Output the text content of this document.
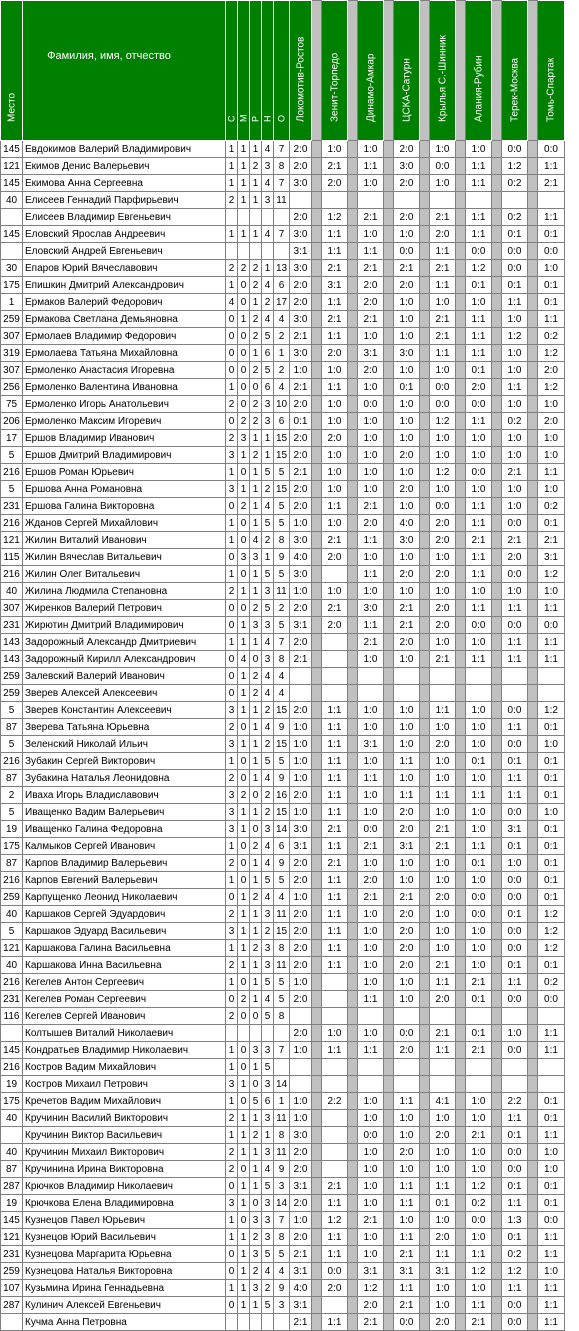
Место	Фамилия, имя, отчество	С	М	Р	Н	О	Локомотив-Ростов		Зенит-Торпедо		Динамо-Амкар		ЦСКА-Сатурн		Крылья С.-Шинник		Алания-Рубин		Терек-Москва		Томь-Спартак

145	Евдокимов Валерий Владимирович	1	1	1	4	7	2:0		1:0		1:0		2:0		1:0		1:0		0:0		0:0
121	Екимов Денис Валерьевич	1	1	2	3	8	2:0		2:1		1:1		3:0		0:0		1:1		1:2		1:1
145	Екимова Анна Сергеевна	1	1	1	4	7	3:0		2:0		1:0		2:0		1:0		1:1		0:2		2:1
40	Елисеев Геннадий Парфирьевич	2	1	1	3	11															
	Елисеев Владимир Евгеньевич						2:0		1:2		2:1		2:0		2:1		1:1		0:2		1:1
145	Еловский Ярослав Андреевич	1	1	1	4	7	3:0		1:1		1:0		1:0		2:0		1:1		0:1		0:1
	Еловский Андрей Евгеньевич						3:1		1:1		1:1		0:0		1:1		0:0		0:0		0:0
30	Епаров Юрий Вячеславович	2	2	2	1	13	3:0		2:1		2:1		2:1		2:1		1:2		0:0		1:0
175	Епишкин Дмитрий Александрович	1	0	2	4	6	2:0		3:1		2:0		2:0		1:1		0:1		0:1		0:1
1	Ермаков Валерий Федорович	4	0	1	2	17	2:0		1:1		2:0		1:0		1:0		1:0		1:1		0:1
259	Ермакова Светлана Демьяновна	0	1	2	4	4	3:0		2:1		2:1		1:0		2:1		1:1		1:0		1:1
307	Ермолаев Владимир Федорович	0	0	2	5	2	2:1		1:1		1:0		1:0		2:1		1:1		1:2		0:2
319	Ермолаева Татьяна Михайловна	0	0	1	6	1	3:0		2:0		3:1		3:0		1:1		1:1		1:0		1:2
307	Ермоленко Анастасия Игоревна	0	0	2	5	2	1:0		1:0		2:0		1:0		1:0		0:1		1:0		2:0
256	Ермоленко Валентина Ивановна	1	0	0	6	4	2:1		1:1		1:0		0:1		0:0		2:0		1:1		1:2
75	Ермоленко Игорь Анатольевич	2	0	2	3	10	2:0		1:0		0:0		1:0		0:0		0:0		1:0		1:0
206	Ермоленко Максим Игоревич	0	2	2	3	6	0:1		1:0		1:0		1:0		1:2		1:1		0:2		2:0
17	Ершов Владимир Иванович	2	3	1	1	15	2:0		2:0		1:0		1:0		1:0		1:0		1:0		1:0
5	Ершов Дмитрий Владимирович	3	1	2	1	15	2:0		1:0		1:0		2:0		1:0		1:0		1:0		1:0
216	Ершов Роман Юрьевич	1	0	1	5	5	2:1		1:0		1:0		1:0		1:2		0:0		2:1		1:1
5	Ершова Анна Романовна	3	1	1	2	15	2:0		1:0		1:0		2:0		1:0		1:0		1:0		1:0
231	Ершова Галина Викторовна	0	2	1	4	5	2:0		1:1		2:1		1:0		0:0		1:1		1:0		0:2
216	Жданов Сергей Михайлович	1	0	1	5	5	1:0		1:0		2:0		4:0		2:0		1:1		0:0		0:1
121	Жилин Виталий Иванович	1	0	4	2	8	3:0		2:1		1:1		3:0		2:0		2:1		2:1		2:1
115	Жилин Вячеслав Витальевич	0	3	3	1	9	4:0		2:0		1:0		1:0		1:0		1:1		2:0		3:1
216	Жилин Олег Витальевич	1	0	1	5	5	3:0				1:1		2:0		2:0		1:1		0:0		1:2
40	Жилина Людмила Степановна	2	1	1	3	11	1:0		1:0		1:0		1:0		1:0		1:0		1:0		1:0
307	Жиренков Валерий Петрович	0	0	2	5	2	2:0		2:1		3:0		2:1		2:0		1:1		1:1		1:1
231	Жирютин Дмитрий Владимирович	0	1	3	3	5	3:1		2:0		1:1		2:1		2:0		0:0		0:0		0:0
143	Задорожный Александр Дмитриевич	1	1	1	4	7	2:0				2:1		2:0		1:0		1:0		1:1		1:1
143	Задорожный Кирилл Александрович	0	4	0	3	8	2:1				1:0		1:0		2:1		1:1		1:1		1:1
259	Залевский Валерий Иванович	0	1	2	4	4															
259	Зверев Алексей Алексеевич	0	1	2	4	4															
5	Зверев Константин Алексеевич	3	1	1	2	15	2:0		1:1		1:0		1:0		1:1		1:0		0:0		1:2
87	Зверева Татьяна Юрьевна	2	0	1	4	9	1:0		1:1		1:0		1:0		1:0		1:0		1:1		0:1
5	Зеленский Николай Ильич	3	1	1	2	15	1:0		1:1		3:1		1:0		2:0		1:0		0:0		1:0
216	Зубакин Сергей Викторович	1	0	1	5	5	1:0		1:1		1:0		1:1		1:0		0:1		0:1		0:1
87	Зубакина Наталья Леонидовна	2	0	1	4	9	1:0		1:1		1:1		1:0		1:0		1:0		1:1		0:1
2	Иваха Игорь Владиславович	3	2	0	2	16	2:0		1:1		1:0		1:1		1:1		1:1		1:1		0:1
5	Иващенко Вадим Валерьевич	3	1	1	2	15	1:0		1:1		1:0		2:0		1:0		1:0		0:0		1:0
19	Иващенко Галина Федоровна	3	1	0	3	14	3:0		2:1		0:0		2:0		2:1		1:0		3:1		0:1
175	Калмыков Сергей Иванович	1	0	2	4	6	3:1		1:1		2:1		3:1		2:1		1:1		0:1		0:1
87	Карпов Владимир Валерьевич	2	0	1	4	9	2:0		2:1		1:0		1:0		1:0		0:1		1:0		0:1
216	Карпов Евгений Валерьевич	1	0	1	5	5	2:0		1:1		2:0		1:0		1:0		1:0		0:0		0:1
259	Карпущенко Леонид Николаевич	0	1	2	4	4	1:0		1:1		2:1		2:1		2:0		0:0		0:0		0:1
40	Каршаков Сергей Эдуардович	2	1	1	3	11	2:0		1:1		1:0		2:0		1:0		0:0		0:1		1:2
5	Каршаков Эдуард Васильевич	3	1	1	2	15	2:0		1:1		1:0		2:0		1:0		1:0		0:0		1:2
121	Каршакова Галина Васильевна	1	1	2	3	8	2:0		1:1		1:0		2:0		1:0		1:0		0:0		1:2
40	Каршакова Инна Васильевна	2	1	1	3	11	2:0		1:1		1:0		2:0		2:1		1:0		0:1		0:1
216	Кегелев Антон Сергеевич	1	0	1	5	5	1:0				1:0		1:0		1:1		2:1		1:1		0:2
231	Кегелев Роман Сергеевич	0	2	1	4	5	2:0				1:1		1:0		2:0		0:1		0:0		0:0
116	Кегелев Сергей Иванович	2	0	0	5	8															
	Колтышев Виталий Николаевич						2:0		1:0		1:0		0:0		2:1		0:1		1:0		1:1
145	Кондратьев Владимир Николаевич	1	0	3	3	7	1:0		1:1		1:1		2:0		1:1		2:1		0:0		1:1
216	Костров Вадим Михайлович	1	0	1	5																
19	Костров Михаил Петрович	3	1	0	3	14															
175	Кречетов Вадим Михайлович	1	0	5	6	1	1:0		2:2		1:0		1:1		4:1		1:0		2:2		0:1
40	Кручинин Василий Викторович	2	1	1	3	11	1:0				1:0		1:0		1:0		1:0		1:1		0:1
	Кручинин Виктор Васильевич	1	1	2	1	8	3:0				0:0		1:0		2:0		2:1		0:1		1:1
40	Кручинин Михаил Викторович	2	1	1	3	11	2:0				1:0		2:0		1:0		1:0		0:0		1:0
87	Кручинина Ирина Викторовна	2	0	1	4	9	2:0				1:0		1:0		1:0		1:0		0:0		1:0
287	Крючков Владимир Николаевич	0	1	1	5	3	3:1		2:1		1:0		1:1		1:1		1:2		0:1		0:1
19	Крючкова Елена Владимировна	3	1	0	3	14	2:0		1:1		1:0		1:1		0:1		0:2		1:1		0:1
145	Кузнецов Павел Юрьевич	1	0	3	3	7	1:0		1:2		2:1		1:0		1:0		0:0		1:3		0:0
121	Кузнецов Юрий Васильевич	1	1	2	3	8	2:0		1:1		1:0		1:1		2:0		1:0		0:1		1:1
231	Кузнецова Маргарита Юрьевна	0	1	3	5	5	2:1		1:1		1:0		2:1		1:1		1:1		0:2		1:1
259	Кузнецова Наталья Викторовна	0	1	2	4	4	3:1		0:0		3:1		3:1		3:1		1:2		1:2		1:0
107	Кузьмина Ирина Геннадьевна	1	1	3	2	9	4:0		2:0		1:2		1:1		1:0		1:0		1:1		1:1
287	Кулинич Алексей Евгеньевич	0	1	1	5	3	3:1				2:0		2:1		1:0		1:1		0:0		1:1
	Кучма Анна Петровна						2:1		1:1		2:1		0:0		2:0		2:1		0:0		1:1
